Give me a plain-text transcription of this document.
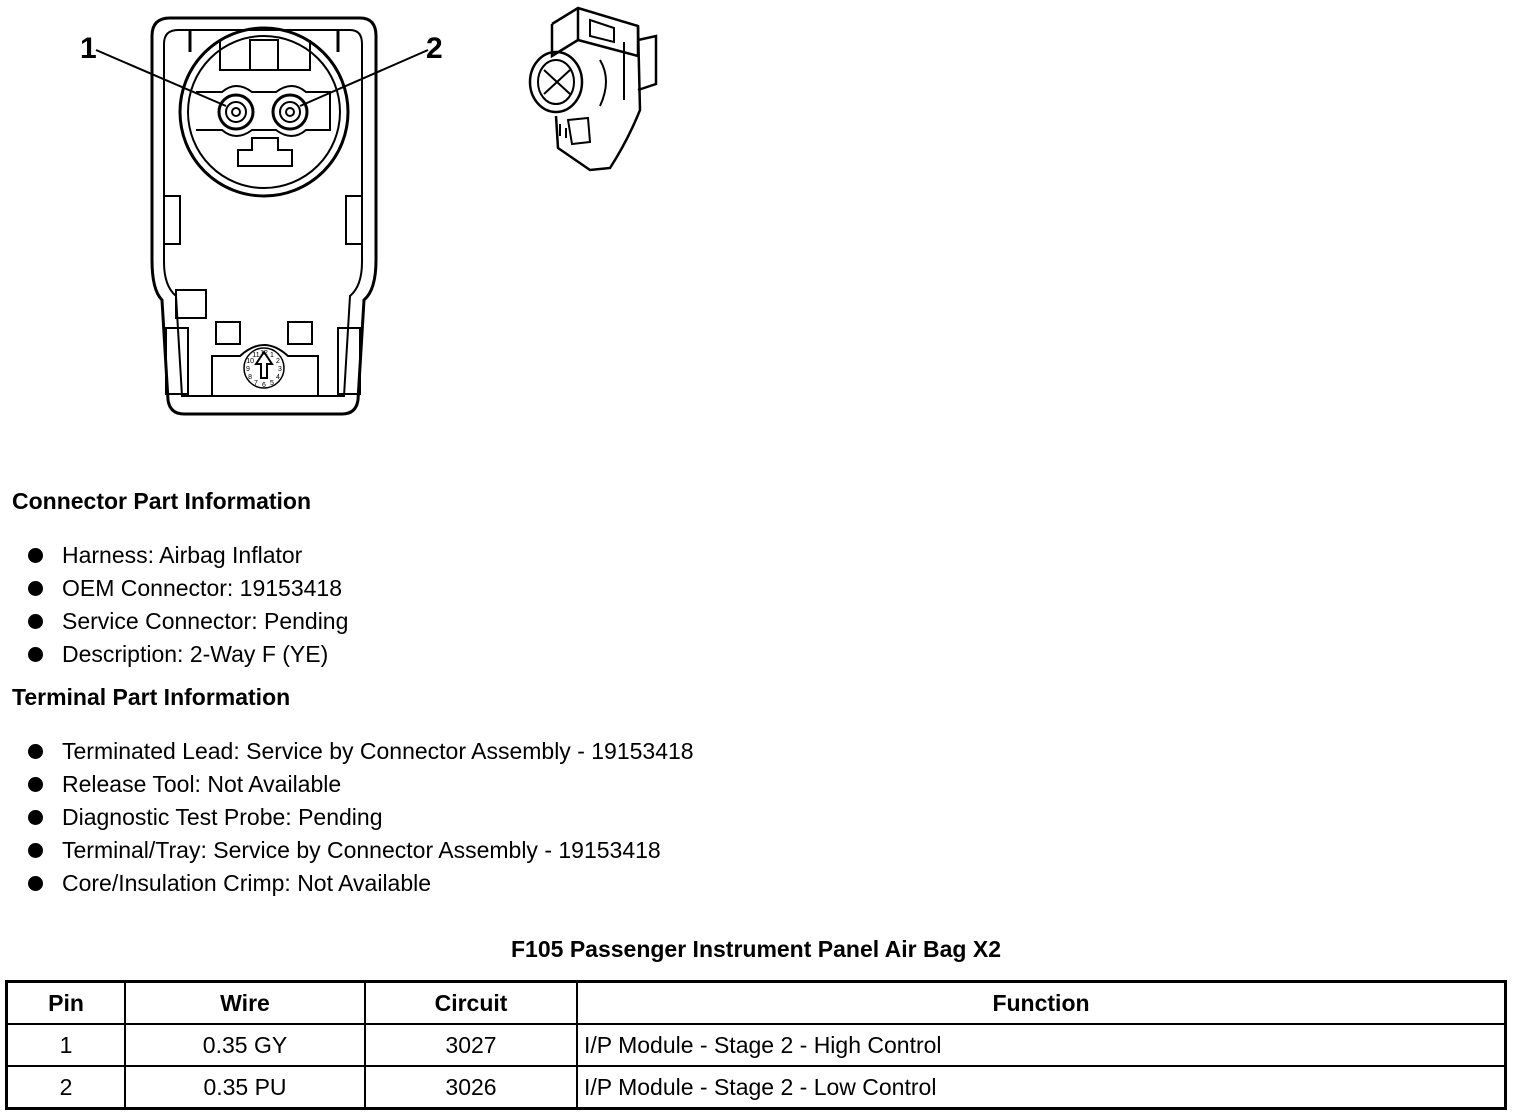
1	2
10
11 12 1
2
3
4
5
6
7
8
9
Connector Part Information
Harness: Airbag Inflator
OEM Connector: 19153418
Service Connector: Pending
Description: 2-Way F (YE)
Terminal Part Information
Terminated Lead: Service by Connector Assembly - 19153418
Release Tool: Not Available
Diagnostic Test Probe: Pending
Terminal/Tray: Service by Connector Assembly - 19153418
Core/Insulation Crimp: Not Available
F105 Passenger Instrument Panel Air Bag X2
Pin	Wire	Circuit	Function
1	0.35 GY	3027	I/P Module - Stage 2 - High Control
2	0.35 PU	3026	I/P Module - Stage 2 - Low Control
